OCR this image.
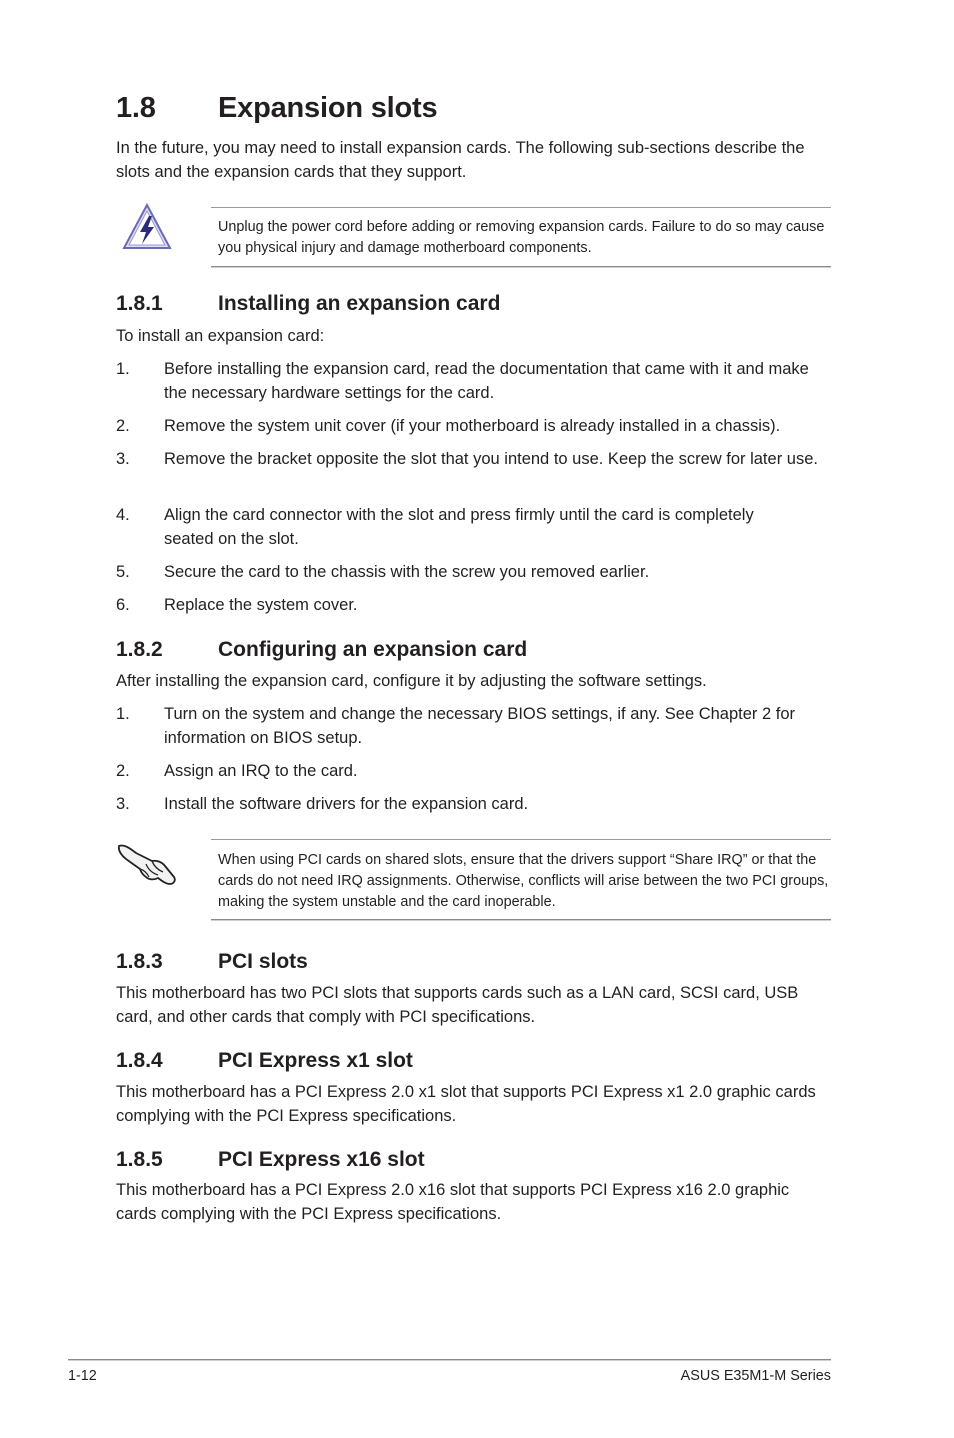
1.8 Expansion slots
In the future, you may need to install expansion cards. The following sub-sections describe the slots and the expansion cards that they support.
Unplug the power cord before adding or removing expansion cards. Failure to do so may cause you physical injury and damage motherboard components.
1.8.1	Installing an expansion card
To install an expansion card:
1.	Before installing the expansion card, read the documentation that came with it and make the necessary hardware settings for the card.
2.	Remove the system unit cover (if your motherboard is already installed in a chassis).
3.	Remove the bracket opposite the slot that you intend to use. Keep the screw for later use.
4.	Align the card connector with the slot and press firmly until the card is completely seated on the slot.
5.	Secure the card to the chassis with the screw you removed earlier.
6.	Replace the system cover.
1.8.2	Configuring an expansion card
After installing the expansion card, configure it by adjusting the software settings.
1.	Turn on the system and change the necessary BIOS settings, if any. See Chapter 2 for information on BIOS setup.
2.	Assign an IRQ to the card.
3.	Install the software drivers for the expansion card.
When using PCI cards on shared slots, ensure that the drivers support “Share IRQ” or that the cards do not need IRQ assignments. Otherwise, conflicts will arise between the two PCI groups, making the system unstable and the card inoperable.
1.8.3	PCI slots
This motherboard has two PCI slots that supports cards such as a LAN card, SCSI card, USB card, and other cards that comply with PCI specifications.
1.8.4	PCI Express x1 slot
This motherboard has a PCI Express 2.0 x1 slot that supports PCI Express x1 2.0 graphic cards complying with the PCI Express specifications.
1.8.5	PCI Express x16 slot
This motherboard has a PCI Express 2.0 x16 slot that supports PCI Express x16 2.0 graphic cards complying with the PCI Express specifications.
1-12	ASUS E35M1-M Series
